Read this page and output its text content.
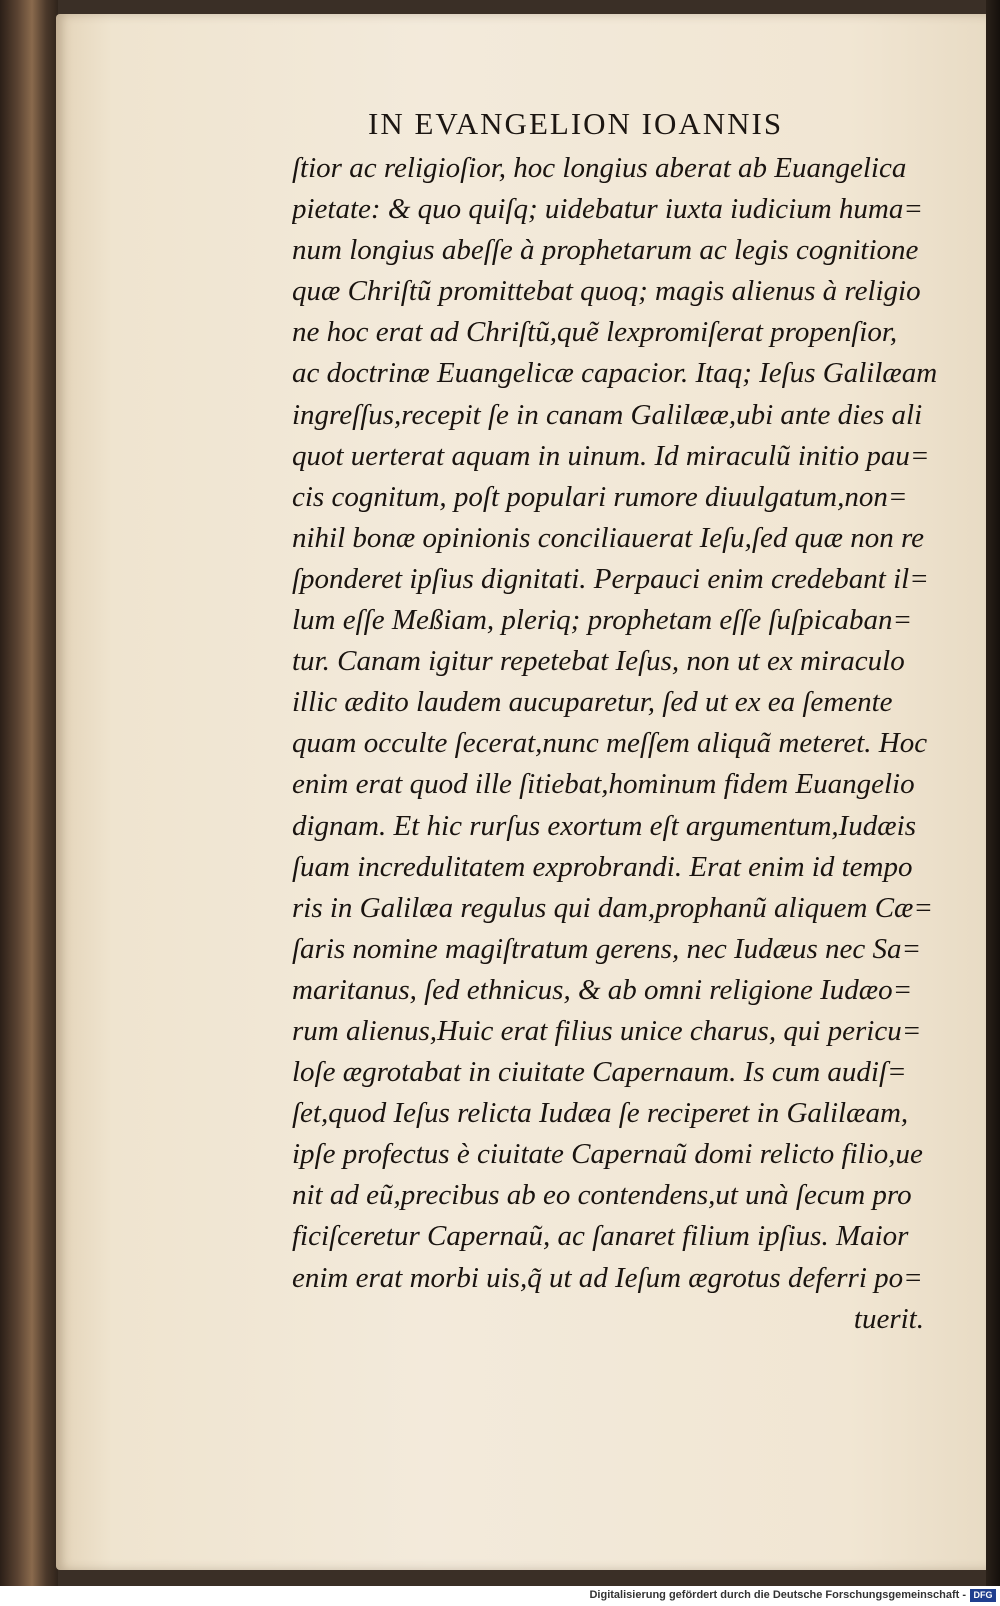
IN EVANGELION IOANNIS
ſtior ac religioſior, hoc longius aberat ab Euangelica
pietate: & quo quiſq; uidebatur iuxta iudicium huma=
num longius abeſſe à prophetarum ac legis cognitione
quæ Chriſtũ promittebat quoq; magis alienus à religio
ne hoc erat ad Chriſtũ,quẽ lexpromiſerat propenſior,
ac doctrinæ Euangelicæ capacior. Itaq; Ieſus Galilæam
ingreſſus,recepit ſe in canam Galilææ,ubi ante dies ali
quot uerterat aquam in uinum. Id miraculũ initio pau=
cis cognitum, poſt populari rumore diuulgatum,non=
nihil bonæ opinionis conciliauerat Ieſu,ſed quæ non re
ſponderet ipſius dignitati. Perpauci enim credebant il=
lum eſſe Meßiam, pleriq; prophetam eſſe ſuſpicaban=
tur. Canam igitur repetebat Ieſus, non ut ex miraculo
illic ædito laudem aucuparetur, ſed ut ex ea ſemente
quam occulte ſecerat,nunc meſſem aliquã meteret. Hoc
enim erat quod ille ſitiebat,hominum fidem Euangelio
dignam. Et hic rurſus exortum eſt argumentum,Iudæis
ſuam incredulitatem exprobrandi. Erat enim id tempo
ris in Galilæa regulus qui dam,prophanũ aliquem Cæ=
ſaris nomine magiſtratum gerens, nec Iudæus nec Sa=
maritanus, ſed ethnicus, & ab omni religione Iudæo=
rum alienus,Huic erat filius unice charus, qui pericu=
loſe ægrotabat in ciuitate Capernaum. Is cum audiſ=
ſet,quod Ieſus relicta Iudæa ſe reciperet in Galilæam,
ipſe profectus è ciuitate Capernaũ domi relicto filio,ue
nit ad eũ,precibus ab eo contendens,ut unà ſecum pro
ficiſceretur Capernaũ, ac ſanaret filium ipſius. Maior
enim erat morbi uis,q̃ ut ad Ieſum ægrotus deferri po=
tuerit.
Digitalisierung gefördert durch die Deutsche Forschungsgemeinschaft - DFG
